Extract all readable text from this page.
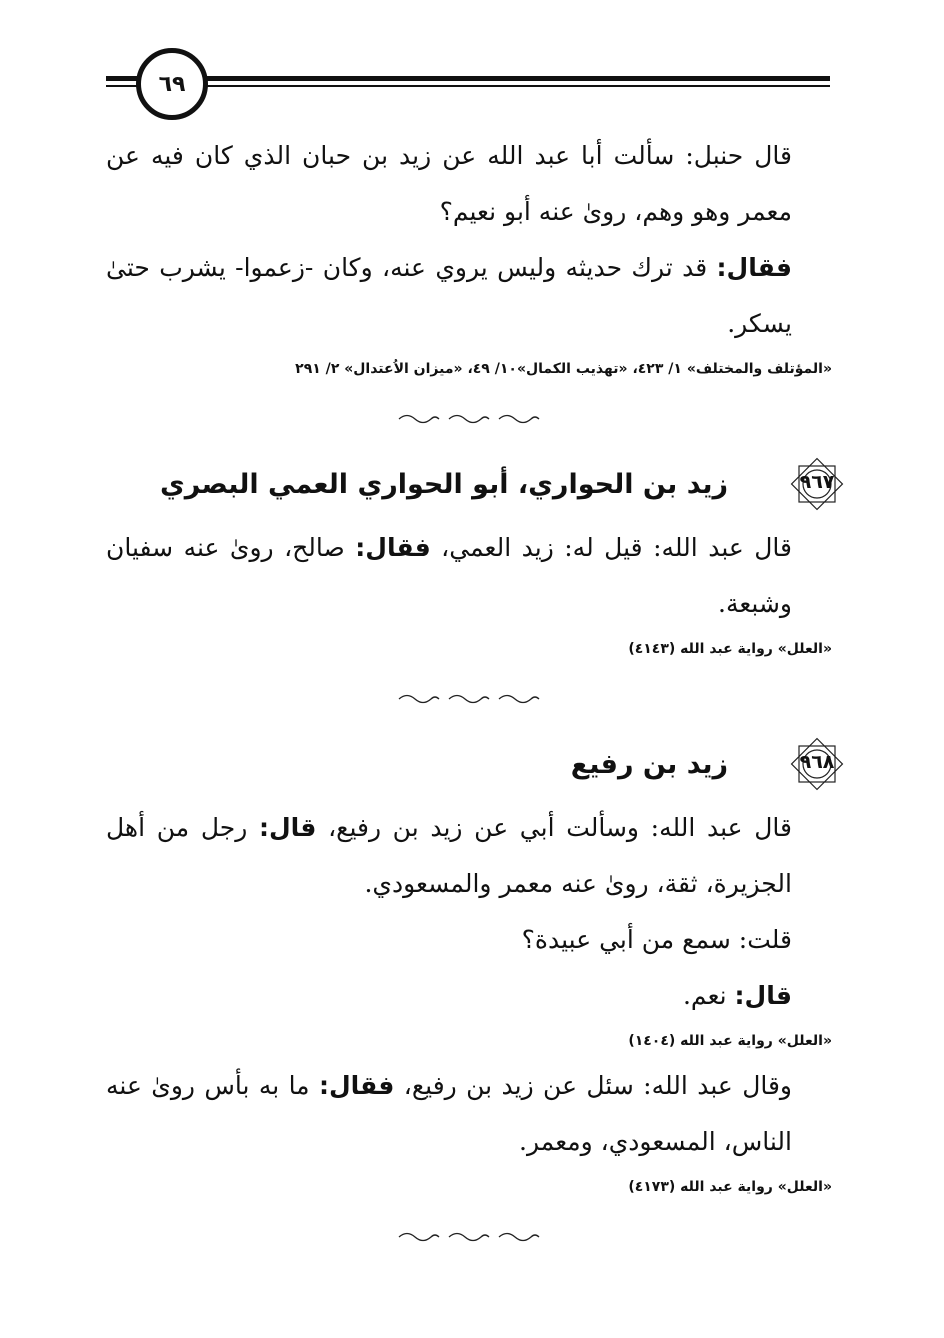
٦٩

قال حنبل: سألت أبا عبد الله عن زيد بن حبان الذي كان فيه عن معمر وهو وهم، رویٰ عنه أبو نعيم؟

فقال: قد ترك حديثه وليس يروي عنه، وكان -زعموا- يشرب حتىٰ يسكر.

«المؤتلف والمختلف» ١/ ٤٢٣، «تهذيب الكمال»١٠/ ٤٩، «ميزان الاُعتدال» ٢/ ٢٩١

٩٦٧
زيد بن الحواري، أبو الحواري العمي البصري

قال عبد الله: قيل له: زيد العمي، فقال: صالح، رویٰ عنه سفيان وشبعة.

«العلل» رواية عبد الله (٤١٤٣)

٩٦٨
زيد بن رفيع

قال عبد الله: وسألت أبي عن زيد بن رفيع، قال: رجل من أهل الجزيرة، ثقة، رویٰ عنه معمر والمسعودي.

قلت: سمع من أبي عبيدة؟

قال: نعم.

«العلل» رواية عبد الله (١٤٠٤)

وقال عبد الله: سئل عن زيد بن رفيع، فقال: ما به بأس رویٰ عنه الناس، المسعودي، ومعمر.

«العلل» رواية عبد الله (٤١٧٣)
